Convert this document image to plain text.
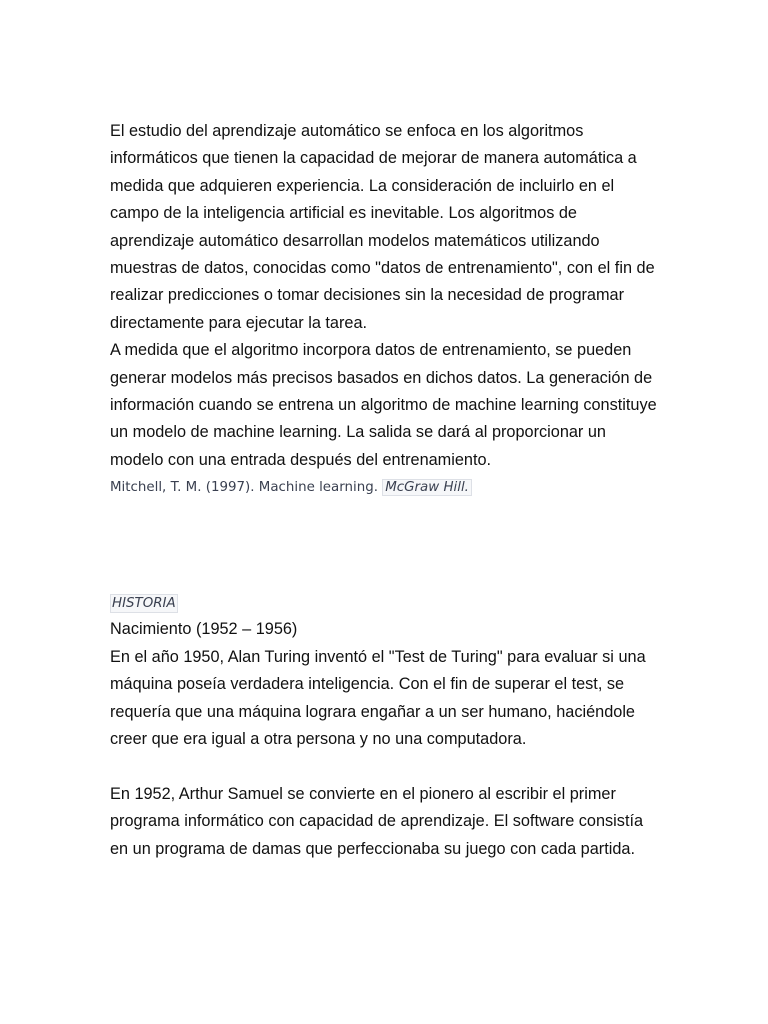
El estudio del aprendizaje automático se enfoca en los algoritmos informáticos que tienen la capacidad de mejorar de manera automática a medida que adquieren experiencia. La consideración de incluirlo en el campo de la inteligencia artificial es inevitable. Los algoritmos de aprendizaje automático desarrollan modelos matemáticos utilizando muestras de datos, conocidas como "datos de entrenamiento", con el fin de realizar predicciones o tomar decisiones sin la necesidad de programar directamente para ejecutar la tarea.

A medida que el algoritmo incorpora datos de entrenamiento, se pueden generar modelos más precisos basados en dichos datos. La generación de información cuando se entrena un algoritmo de machine learning constituye un modelo de machine learning. La salida se dará al proporcionar un modelo con una entrada después del entrenamiento.

Mitchell, T. M. (1997). Machine learning. McGraw Hill.

HISTORIA

Nacimiento (1952 – 1956)

En el año 1950, Alan Turing inventó el "Test de Turing" para evaluar si una máquina poseía verdadera inteligencia. Con el fin de superar el test, se requería que una máquina lograra engañar a un ser humano, haciéndole creer que era igual a otra persona y no una computadora.

En 1952, Arthur Samuel se convierte en el pionero al escribir el primer programa informático con capacidad de aprendizaje. El software consistía en un programa de damas que perfeccionaba su juego con cada partida.
